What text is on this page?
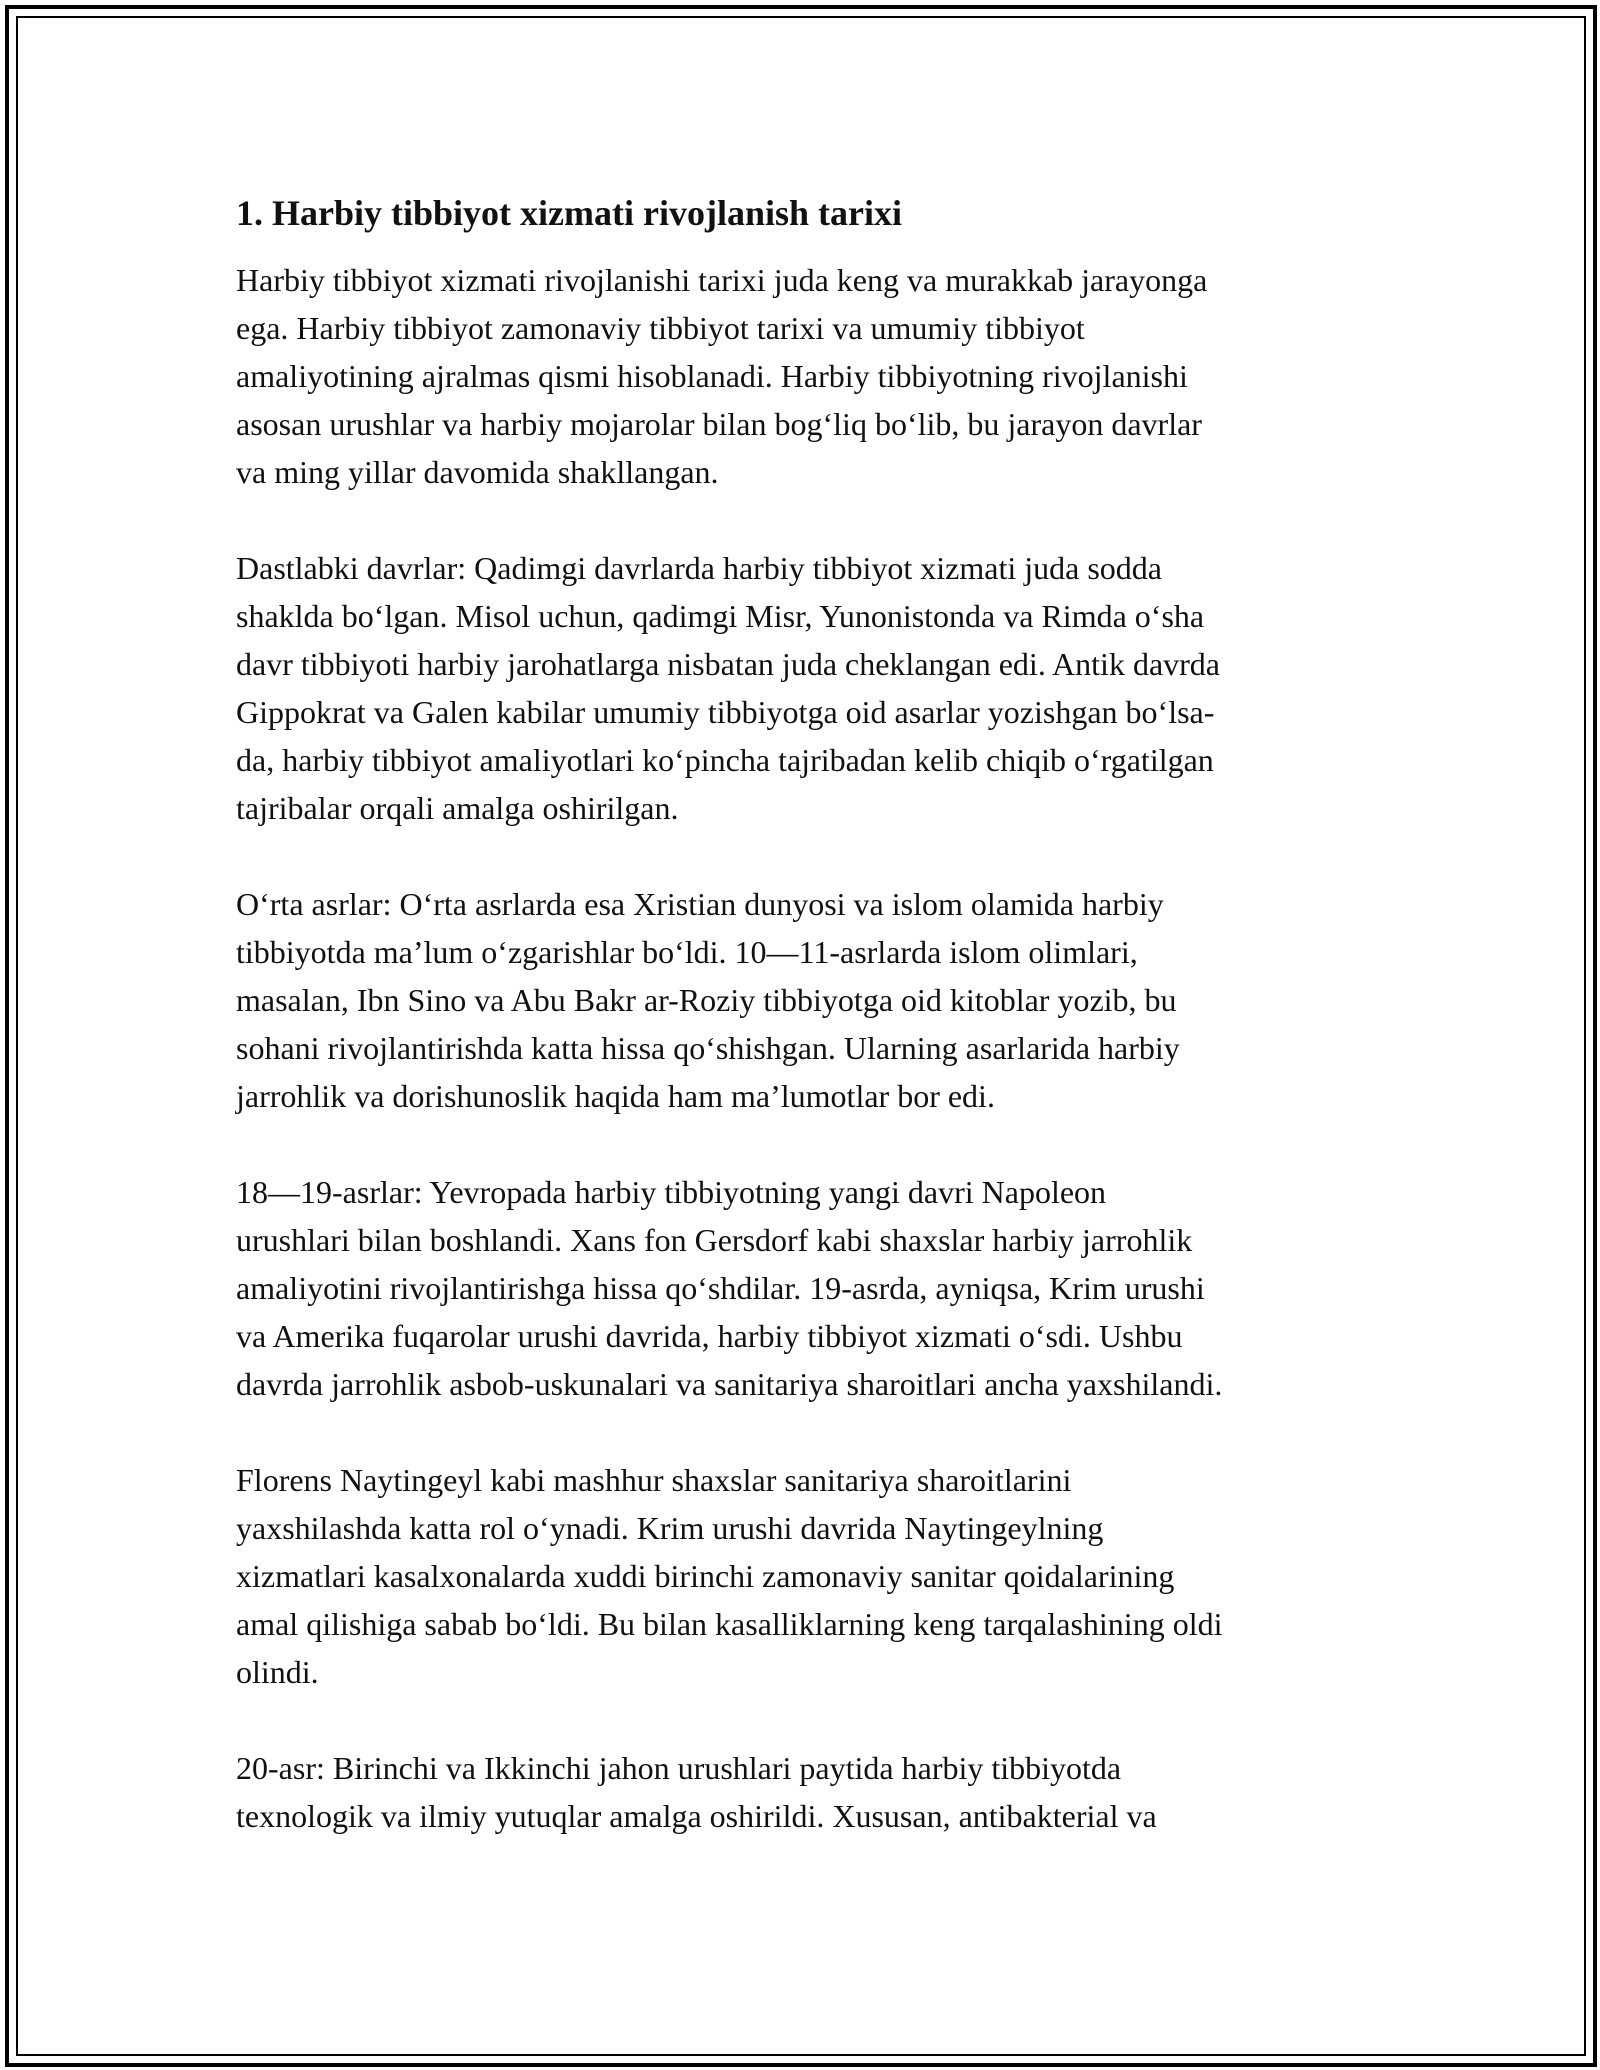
1. Harbiy tibbiyot xizmati rivojlanish tarixi

Harbiy tibbiyot xizmati rivojlanishi tarixi juda keng va murakkab jarayonga
ega. Harbiy tibbiyot zamonaviy tibbiyot tarixi va umumiy tibbiyot
amaliyotining ajralmas qismi hisoblanadi. Harbiy tibbiyotning rivojlanishi
asosan urushlar va harbiy mojarolar bilan bog‘liq bo‘lib, bu jarayon davrlar
va ming yillar davomida shakllangan.

Dastlabki davrlar: Qadimgi davrlarda harbiy tibbiyot xizmati juda sodda
shaklda bo‘lgan. Misol uchun, qadimgi Misr, Yunonistonda va Rimda o‘sha
davr tibbiyoti harbiy jarohatlarga nisbatan juda cheklangan edi. Antik davrda
Gippokrat va Galen kabilar umumiy tibbiyotga oid asarlar yozishgan bo‘lsa-
da, harbiy tibbiyot amaliyotlari ko‘pincha tajribadan kelib chiqib o‘rgatilgan
tajribalar orqali amalga oshirilgan.

O‘rta asrlar: O‘rta asrlarda esa Xristian dunyosi va islom olamida harbiy
tibbiyotda ma’lum o‘zgarishlar bo‘ldi. 10—11-asrlarda islom olimlari,
masalan, Ibn Sino va Abu Bakr ar-Roziy tibbiyotga oid kitoblar yozib, bu
sohani rivojlantirishda katta hissa qo‘shishgan. Ularning asarlarida harbiy
jarrohlik va dorishunoslik haqida ham ma’lumotlar bor edi.

18—19-asrlar: Yevropada harbiy tibbiyotning yangi davri Napoleon
urushlari bilan boshlandi. Xans fon Gersdorf kabi shaxslar harbiy jarrohlik
amaliyotini rivojlantirishga hissa qo‘shdilar. 19-asrda, ayniqsa, Krim urushi
va Amerika fuqarolar urushi davrida, harbiy tibbiyot xizmati o‘sdi. Ushbu
davrda jarrohlik asbob-uskunalari va sanitariya sharoitlari ancha yaxshilandi.

Florens Naytingeyl kabi mashhur shaxslar sanitariya sharoitlarini
yaxshilashda katta rol o‘ynadi. Krim urushi davrida Naytingeylning
xizmatlari kasalxonalarda xuddi birinchi zamonaviy sanitar qoidalarining
amal qilishiga sabab bo‘ldi. Bu bilan kasalliklarning keng tarqalashining oldi
olindi.

20-asr: Birinchi va Ikkinchi jahon urushlari paytida harbiy tibbiyotda
texnologik va ilmiy yutuqlar amalga oshirildi. Xususan, antibakterial va
